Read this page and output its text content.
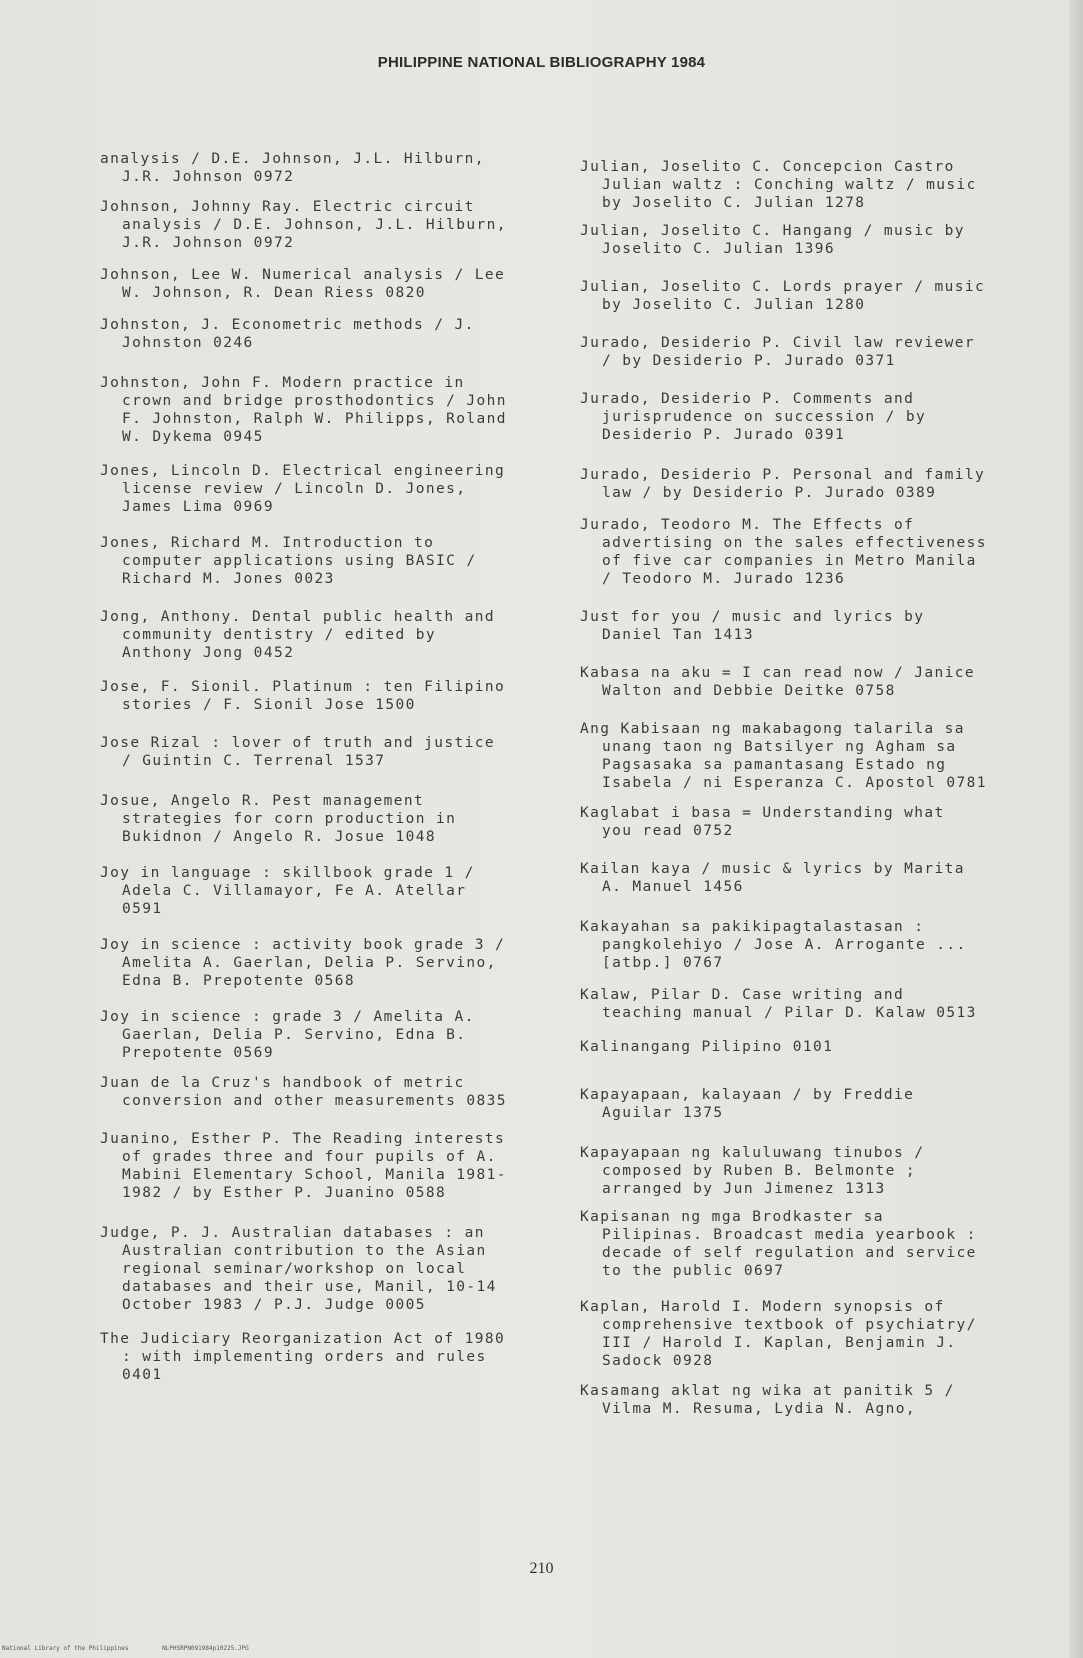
PHILIPPINE NATIONAL BIBLIOGRAPHY 1984
analysis / D.E. Johnson, J.L. Hilburn,
J.R. Johnson 0972
Johnson, Johnny Ray. Electric circuit
analysis / D.E. Johnson, J.L. Hilburn,
J.R. Johnson 0972
Johnson, Lee W. Numerical analysis / Lee
W. Johnson, R. Dean Riess 0820
Johnston, J. Econometric methods / J.
Johnston 0246
Johnston, John F. Modern practice in
crown and bridge prosthodontics / John
F. Johnston, Ralph W. Philipps, Roland
W. Dykema 0945
Jones, Lincoln D. Electrical engineering
license review / Lincoln D. Jones,
James Lima 0969
Jones, Richard M. Introduction to
computer applications using BASIC /
Richard M. Jones 0023
Jong, Anthony. Dental public health and
community dentistry / edited by
Anthony Jong 0452
Jose, F. Sionil. Platinum : ten Filipino
stories / F. Sionil Jose 1500
Jose Rizal : lover of truth and justice
/ Guintin C. Terrenal 1537
Josue, Angelo R. Pest management
strategies for corn production in
Bukidnon / Angelo R. Josue 1048
Joy in language : skillbook grade 1 /
Adela C. Villamayor, Fe A. Atellar
0591
Joy in science : activity book grade 3 /
Amelita A. Gaerlan, Delia P. Servino,
Edna B. Prepotente 0568
Joy in science : grade 3 / Amelita A.
Gaerlan, Delia P. Servino, Edna B.
Prepotente 0569
Juan de la Cruz's handbook of metric
conversion and other measurements 0835
Juanino, Esther P. The Reading interests
of grades three and four pupils of A.
Mabini Elementary School, Manila 1981-
1982 / by Esther P. Juanino 0588
Judge, P. J. Australian databases : an
Australian contribution to the Asian
regional seminar/workshop on local
databases and their use, Manil, 10-14
October 1983 / P.J. Judge 0005
The Judiciary Reorganization Act of 1980
: with implementing orders and rules
0401
Julian, Joselito C. Concepcion Castro
Julian waltz : Conching waltz / music
by Joselito C. Julian 1278
Julian, Joselito C. Hangang / music by
Joselito C. Julian 1396
Julian, Joselito C. Lords prayer / music
by Joselito C. Julian 1280
Jurado, Desiderio P. Civil law reviewer
/ by Desiderio P. Jurado 0371
Jurado, Desiderio P. Comments and
jurisprudence on succession / by
Desiderio P. Jurado 0391
Jurado, Desiderio P. Personal and family
law / by Desiderio P. Jurado 0389
Jurado, Teodoro M. The Effects of
advertising on the sales effectiveness
of five car companies in Metro Manila
/ Teodoro M. Jurado 1236
Just for you / music and lyrics by
Daniel Tan 1413
Kabasa na aku = I can read now / Janice
Walton and Debbie Deitke 0758
Ang Kabisaan ng makabagong talarila sa
unang taon ng Batsilyer ng Agham sa
Pagsasaka sa pamantasang Estado ng
Isabela / ni Esperanza C. Apostol 0781
Kaglabat i basa = Understanding what
you read 0752
Kailan kaya / music & lyrics by Marita
A. Manuel 1456
Kakayahan sa pakikipagtalastasan :
pangkolehiyo / Jose A. Arrogante ...
[atbp.] 0767
Kalaw, Pilar D. Case writing and
teaching manual / Pilar D. Kalaw 0513
Kalinangang Pilipino 0101
Kapayapaan, kalayaan / by Freddie
Aguilar 1375
Kapayapaan ng kaluluwang tinubos /
composed by Ruben B. Belmonte ;
arranged by Jun Jimenez 1313
Kapisanan ng mga Brodkaster sa
Pilipinas. Broadcast media yearbook :
decade of self regulation and service
to the public 0697
Kaplan, Harold I. Modern synopsis of
comprehensive textbook of psychiatry/
III / Harold I. Kaplan, Benjamin J.
Sadock 0928
Kasamang aklat ng wika at panitik 5 /
Vilma M. Resuma, Lydia N. Agno,
210
National Library of the Philippines	NLPHSRPN091984p10225.JPG
